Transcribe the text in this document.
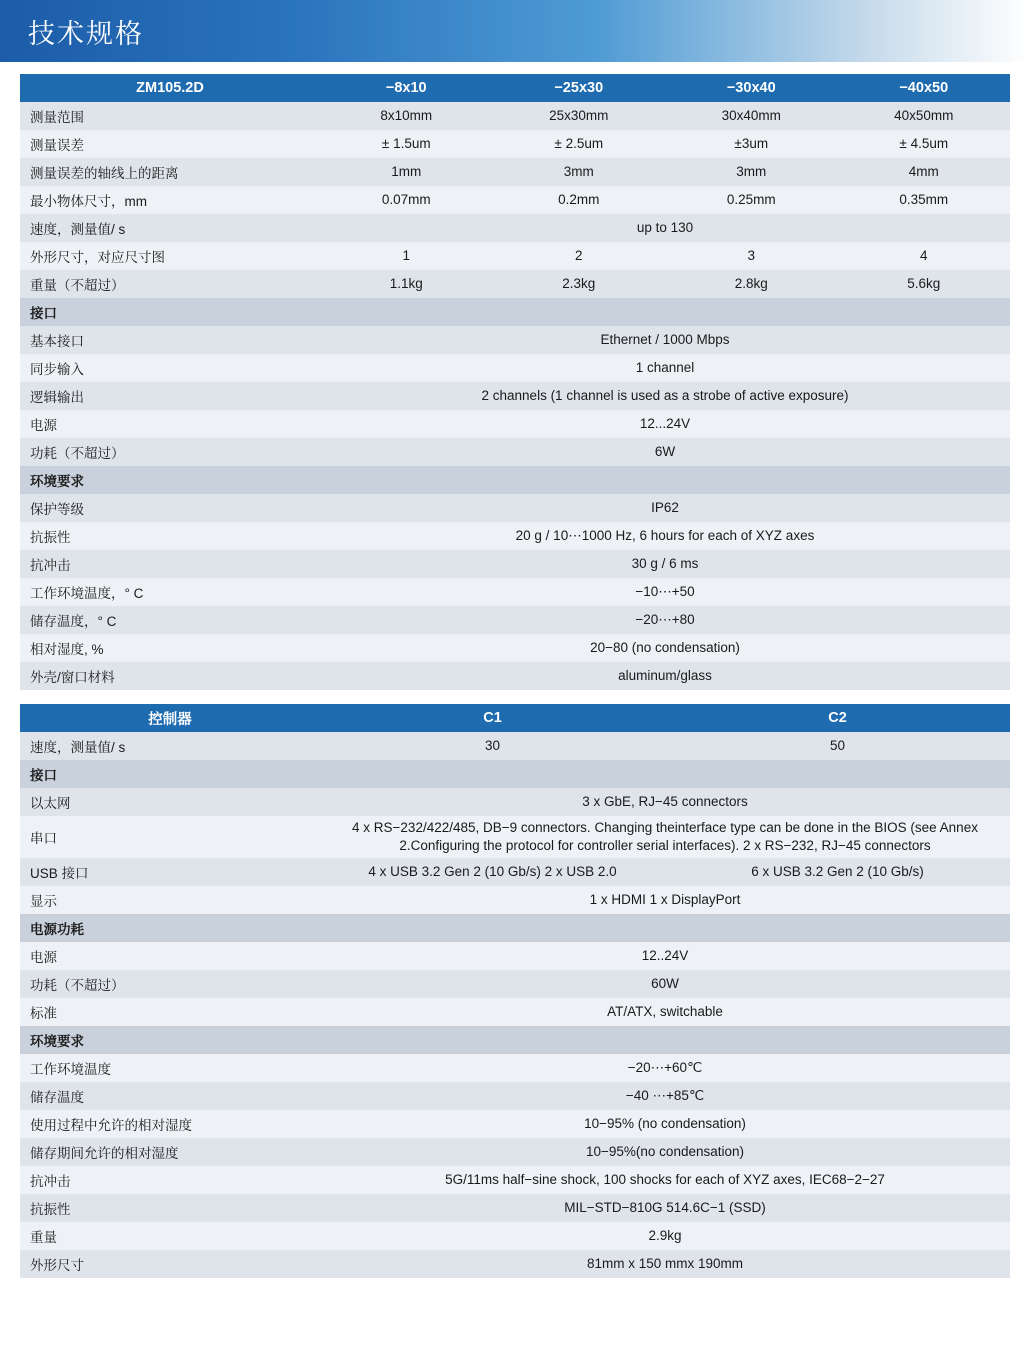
技术规格
ZM105.2D	−8x10	−25x30	−30x40	−40x50
测量范围	8x10mm	25x30mm	30x40mm	40x50mm
测量误差	± 1.5um	± 2.5um	±3um	± 4.5um
测量误差的轴线上的距离	1mm	3mm	3mm	4mm
最小物体尺寸，mm	0.07mm	0.2mm	0.25mm	0.35mm
速度，测量值/ s	up to 130			
外形尺寸，对应尺寸图	1	2	3	4
重量（不超过）	1.1kg	2.3kg	2.8kg	5.6kg
接口				
基本接口	Ethernet / 1000 Mbps			
同步输入	1 channel			
逻辑输出	2 channels (1 channel is used as a strobe of active exposure)			
电源	12...24V			
功耗（不超过）	6W			
环境要求				
保护等级	IP62			
抗振性	20 g / 10⋯1000 Hz, 6 hours for each of XYZ axes			
抗冲击	30 g / 6 ms			
工作环境温度，° C	−10⋯+50			
储存温度，° C	−20⋯+80			
相对湿度, %	20−80 (no condensation)			
外壳/窗口材料	aluminum/glass			
控制器	C1	C2
速度，测量值/ s	30	50
接口		
以太网	3 x GbE, RJ−45 connectors	
串口	4 x RS−232/422/485, DB−9 connectors. Changing theinterface type can be done in the BIOS (see Annex 2.Configuring the protocol for controller serial interfaces). 2 x RS−232, RJ−45 connectors	
USB 接口	4 x USB 3.2 Gen 2 (10 Gb/s) 2 x USB 2.0	6 x USB 3.2 Gen 2 (10 Gb/s)
显示	1 x HDMI 1 x DisplayPort	
电源功耗		
电源	12..24V	
功耗（不超过）	60W	
标准	AT/ATX, switchable	
环境要求		
工作环境温度	−20⋯+60℃	
储存温度	−40 ⋯+85℃	
使用过程中允许的相对湿度	10−95% (no condensation)	
储存期间允许的相对湿度	10−95%(no condensation)	
抗冲击	5G/11ms half−sine shock, 100 shocks for each of XYZ axes, IEC68−2−27	
抗振性	MIL−STD−810G 514.6C−1 (SSD)	
重量	2.9kg	
外形尺寸	81mm x 150 mmx 190mm	
